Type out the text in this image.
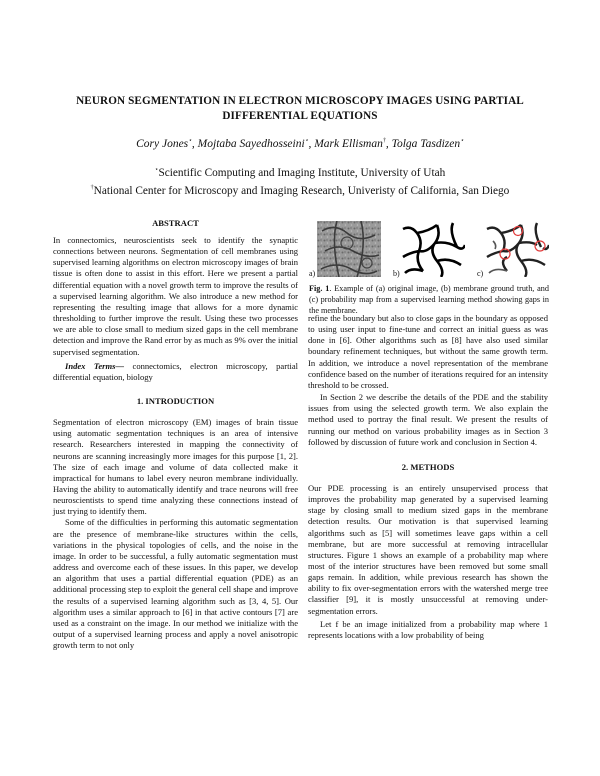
NEURON SEGMENTATION IN ELECTRON MICROSCOPY IMAGES USING PARTIAL
DIFFERENTIAL EQUATIONS
Cory Jones⋆, Mojtaba Sayedhosseini⋆, Mark Ellisman†, Tolga Tasdizen⋆
⋆Scientific Computing and Imaging Institute, University of Utah
†National Center for Microscopy and Imaging Research, Univeristy of California, San Diego
ABSTRACT

In connectomics, neuroscientists seek to identify the synaptic connections between neurons. Segmentation of cell membranes using supervised learning algorithms on electron microscopy images of brain tissue is often done to assist in this effort. Here we present a partial differential equation with a novel growth term to improve the results of a supervised learning algorithm. We also introduce a new method for representing the resulting image that allows for a more dynamic thresholding to further improve the result. Using these two processes we are able to close small to medium sized gaps in the cell membrane detection and improve the Rand error by as much as 9% over the initial supervised segmentation.

Index Terms— connectomics, electron microscopy, partial differential equation, biology

1. INTRODUCTION

Segmentation of electron microscopy (EM) images of brain tissue using automatic segmentation techniques is an area of intensive research. Researchers interested in mapping the connectivity of neurons are scanning increasingly more images for this purpose [1, 2]. The size of each image and volume of data collected make it impractical for humans to label every neuron membrane individually. Having the ability to automatically identify and trace neurons will free neuroscientists to spend time analyzing these connections instead of just trying to identify them.

Some of the difficulties in performing this automatic segmentation are the presence of membrane-like structures within the cells, variations in the physical topologies of cells, and the noise in the image. In order to be successful, a fully automatic segmentation must address and overcome each of these issues. In this paper, we develop an algorithm that uses a partial differential equation (PDE) as an additional processing step to exploit the general cell shape and improve the results of a supervised learning algorithm such as [3, 4, 5]. Our algorithm uses a similar approach to [6] in that active contours [7] are used as a constraint on the image. In our method we initialize with the output of a supervised learning process and apply a novel anisotropic growth term to not only

a)	b)	c)
Fig. 1. Example of (a) original image, (b) membrane ground truth, and (c) probability map from a supervised learning method showing gaps in the membrane.

refine the boundary but also to close gaps in the boundary as opposed to using user input to fine-tune and correct an initial guess as was done in [6]. Other algorithms such as [8] have also used similar boundary refinement techniques, but without the same growth term. In addition, we introduce a novel representation of the membrane confidence based on the number of iterations required for an intensity threshold to be crossed.

In Section 2 we describe the details of the PDE and the stability issues from using the selected growth term. We also explain the method used to portray the final result. We present the results of running our method on various probability images as in Section 3 followed by discussion of future work and conclusion in Section 4.

2. METHODS

Our PDE processing is an entirely unsupervised process that improves the probability map generated by a supervised learning stage by closing small to medium sized gaps in the membrane detection results. Our motivation is that supervised learning algorithms such as [5] will sometimes leave gaps within a cell membrane, but are more successful at removing intracellular structures. Figure 1 shows an example of a probability map where most of the interior structures have been removed but some small gaps remain. In addition, while previous research has shown the ability to fix over-segmentation errors with the watershed merge tree classifier [9], it is mostly unsuccessful at removing under-segmentation errors.

Let f be an image initialized from a probability map where 1 represents locations with a low probability of being
